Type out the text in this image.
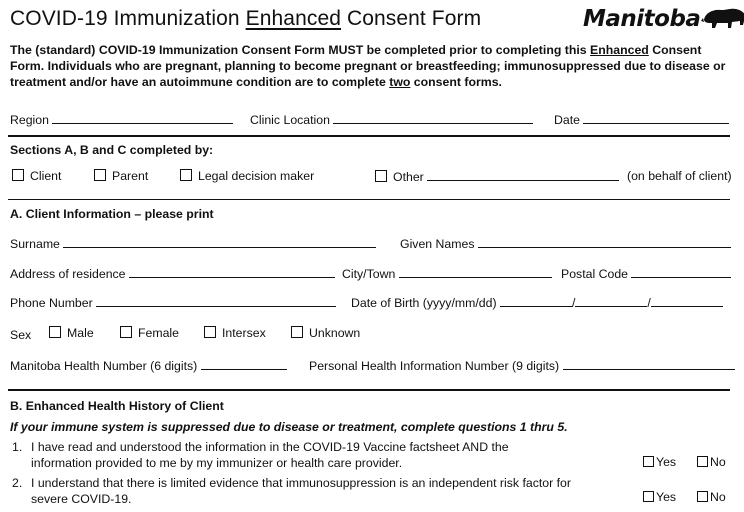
COVID-19 Immunization Enhanced Consent Form	Manitoba
The (standard) COVID-19 Immunization Consent Form MUST be completed prior to completing this Enhanced Consent Form. Individuals who are pregnant, planning to become pregnant or breastfeeding; immunosuppressed due to disease or treatment and/or have an autoimmune condition are to complete two consent forms.
Region	Clinic Location	Date
Sections A, B and C completed by:
Client	Parent	Legal decision maker	Other	(on behalf of client)
A. Client Information – please print
Surname	Given Names
Address of residence	City/Town	Postal Code
Phone Number	Date of Birth (yyyy/mm/dd)	/	/
Sex	Male	Female	Intersex	Unknown
Manitoba Health Number (6 digits)	Personal Health Information Number (9 digits)
B. Enhanced Health History of Client
If your immune system is suppressed due to disease or treatment, complete questions 1 thru 5.
1. I have read and understood the information in the COVID-19 Vaccine factsheet AND the information provided to me by my immunizer or health care provider.	Yes	No
2. I understand that there is limited evidence that immunosuppression is an independent risk factor for severe COVID-19.	Yes	No
